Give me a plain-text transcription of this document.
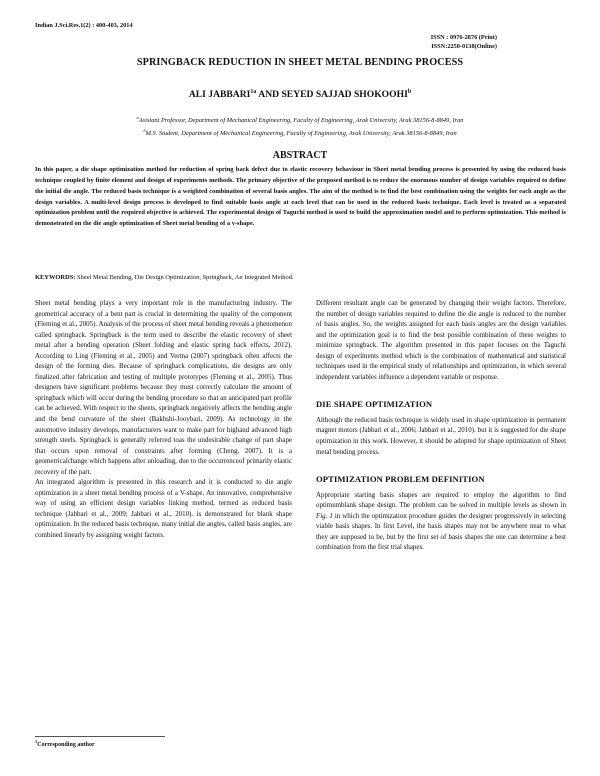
Indian J.Sci.Res.1(2) : 400-403, 2014
ISSN : 0976-2876 (Print)
ISSN:2250-0138(Online)
SPRINGBACK REDUCTION IN SHEET METAL BENDING PROCESS
ALI $JABBARI^{1a}$ AND SEYED SAJJAD SHOKOOHI$^b$
$^a$Asistant Professor, Department of Mechanical Engineering, Faculty of Engineering, Arak University, Arak 38156-8-8849, Iran
$^b$M.S. Student, Department of Mechanical Engineering, Faculty of Engineering, Arak University, Arak 38156-8-8849, Iran
ABSTRACT
In this paper, a die shape optimization method for reduction of spring back defect due to elastic recovery behaviour in Sheet metal bending process is presented by using the reduced basis technique coupled by finite element and design of experiments methods. The primary objective of the proposed method is to reduce the enormous number of design variables required to define the initial die angle. The reduced basis technique is a weighted combination of several basis angles. The aim of the method is to find the best combination using the weights for each angle as the design variables. A multi-level design process is developed to find suitable basis angle at each level that can be used in the reduced basis technique. Each level is treated as a separated optimization problem until the required objective is achieved. The experimental design of Taguchi method is used to build the approximation model and to perform optimization. This method is demonstrated on the die angle optimization of Sheet metal bending of a v-shape.
KEYWORDS: Sheet Metal Bending, Die Design Optimization, Springback, An Integrated Method.

Sheet metal bending plays a very important role in the manufacturing industry. The geometrical accuracy of a bent part is crucial in determining the quality of the component (Fleming et al., 2005). Analysis of the process of sheet metal bending reveals a phenomenon called springback. Springback is the term used to describe the elastic recovery of sheet metal after a bending operation (Sheet folding and elastic spring back effects, 2012). According to Ling (Fleming et al., 2005) and Verma (2007) springback often affects the design of the forming dies. Because of springback complications, die designs are only finalized after fabrication and testing of multiple prototypes (Fleming et al., 2005). Thus designers have significant problems because they must correctly calculate the amount of springback which will occur during the bending procedure so that an anticipated part profile can be achieved. With respect to the sheets, springback negatively affects the bending angle and the bend curvature of the sheet (Bakhshi-Jooybari, 2009). As technology in the automotive industry develops, manufacturers want to make part for highand advanced high strength steels. Springback is generally referred toas the undesirable change of part shape that occurs upon removal of constraints after forming (Cheng, 2007). It is a geometricalchange which happens after unloading, due to the occurrenceof primarily elastic recovery of the part.

An integrated algorithm is presented in this research and it is conducted to die angle optimization in a sheet metal bending process of a V-shape. An innovative, comprehensive way of using an efficient design variables linking method, termed as reduced basis technique (Jabbari et al., 2009; Jabbari et al., 2010). is demonstrated for blank shape optimization. In the reduced basis technique, many initial die angles, called basis angles, are combined linearly by assigning weight factors.

Different resultant angle can be generated by changing their weight factors. Therefore, the number of design variables required to define the die angle is reduced to the number of basis angles. So, the weights assigned for each basis angles are the design variables and the optimization goal is to find the best possible combination of these weights to minimize springback. The algorithm presented in this paper focuses on the Taguchi design of experiments method which is the combination of mathematical and statistical techniques used in the empirical study of relationships and optimization, in which several independent variables influence a dependent variable or response.

DIE SHAPE OPTIMIZATION

Although the reduced basis technique is widely used in shape optimization in permanent magnet motors (Jabbari et al., 2006; Jabbari et al., 2010). but it is suggested for die shape optimization in this work. However, it should be adopted for shape optimization of Sheet metal bending process.

OPTIMIZATION PROBLEM DEFINITION

Appropriate starting basis shapes are required to employ the algorithm to find optimumblank shape design. The problem can be solved in multiple levels as shown in Fig. 1 in which the optimization procedure guides the designer progressively in selecting viable basis shapes. In first Level, the basis shapes may not be anywhere near to what they are supposed to be, but by the first set of basis shapes the one can determine a best combination from the first trial shapes.

$^1$Corresponding author
